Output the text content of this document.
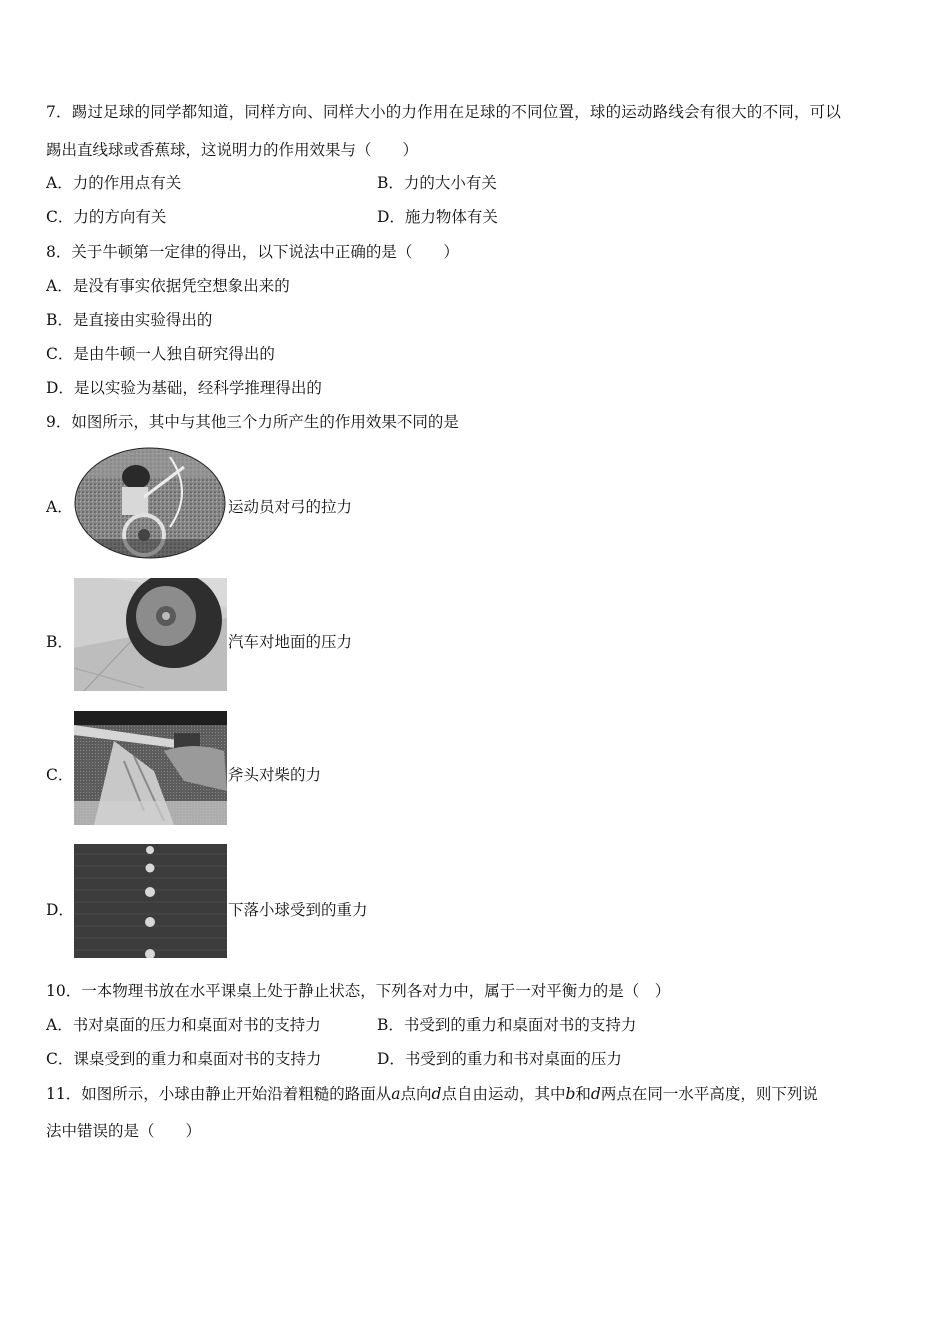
7．踢过足球的同学都知道，同样方向、同样大小的力作用在足球的不同位置，球的运动路线会有很大的不同，可以
踢出直线球或香蕉球，这说明力的作用效果与（　　）
A．力的作用点有关	B．力的大小有关
C．力的方向有关	D．施力物体有关
8．关于牛顿第一定律的得出，以下说法中正确的是（　　）
A．是没有事实依据凭空想象出来的
B．是直接由实验得出的
C．是由牛顿一人独自研究得出的
D．是以实验为基础，经科学推理得出的
9．如图所示，其中与其他三个力所产生的作用效果不同的是
A．	运动员对弓的拉力
B．	汽车对地面的压力
C．	斧头对柴的力
D．	下落小球受到的重力
10．一本物理书放在水平课桌上处于静止状态，下列各对力中，属于一对平衡力的是（　）
A．书对桌面的压力和桌面对书的支持力	B．书受到的重力和桌面对书的支持力
C．课桌受到的重力和桌面对书的支持力	D．书受到的重力和书对桌面的压力
11．如图所示，小球由静止开始沿着粗糙的路面从a点向d点自由运动，其中b和d两点在同一水平高度，则下列说
法中错误的是（　　）
